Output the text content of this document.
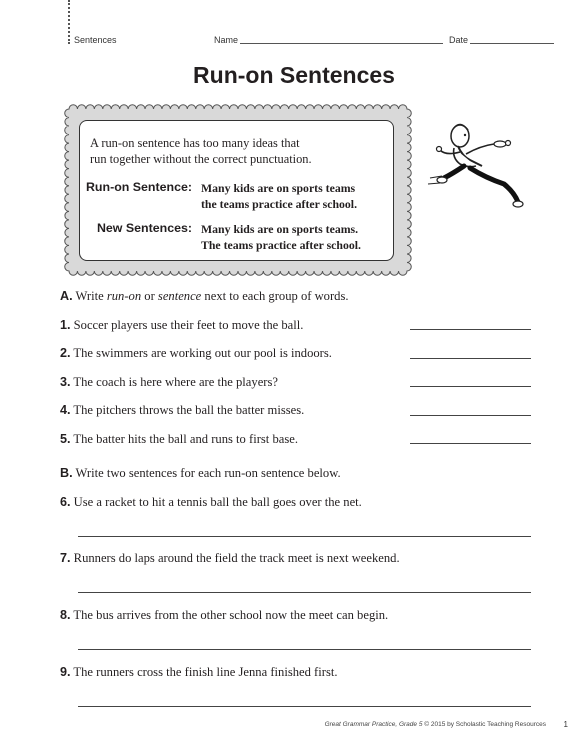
Sentences	Name	Date
Run-on Sentences
A run-on sentence has too many ideas that
run together without the correct punctuation.
Run-on Sentence: Many kids are on sports teams
the teams practice after school.
New Sentences: Many kids are on sports teams.
The teams practice after school.
A. Write run-on or sentence next to each group of words.
1. Soccer players use their feet to move the ball.
2. The swimmers are working out our pool is indoors.
3. The coach is here where are the players?
4. The pitchers throws the ball the batter misses.
5. The batter hits the ball and runs to first base.
B. Write two sentences for each run-on sentence below.
6. Use a racket to hit a tennis ball the ball goes over the net.
7. Runners do laps around the field the track meet is next weekend.
8. The bus arrives from the other school now the meet can begin.
9. The runners cross the finish line Jenna finished first.
Great Grammar Practice, Grade 5 © 2015 by Scholastic Teaching Resources 1
